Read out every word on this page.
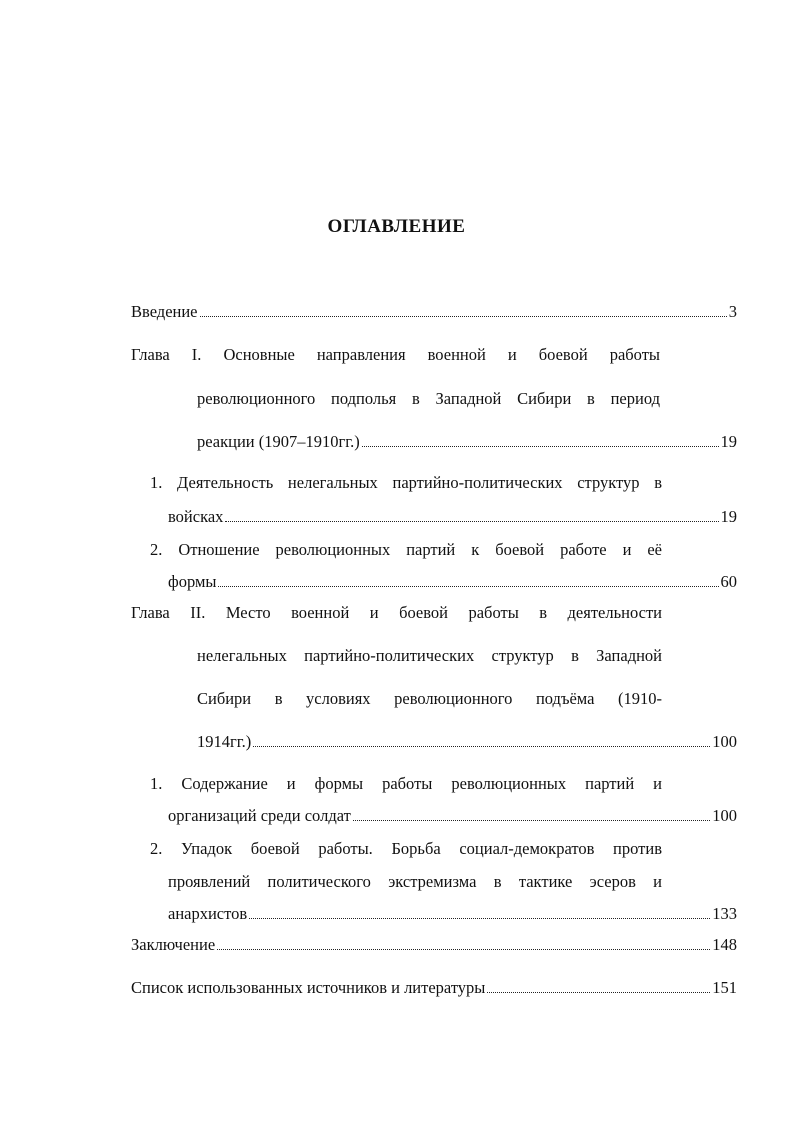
ОГЛАВЛЕНИЕ
Введение	3
Глава I. Основные направления военной и боевой работы
революционного подполья в Западной Сибири в период
реакции (1907–1910гг.)	19
1. Деятельность нелегальных партийно-политических структур в
войсках	19
2. Отношение революционных партий к боевой работе и её
формы	60
Глава II. Место военной и боевой работы в деятельности
нелегальных партийно-политических структур в Западной
Сибири в условиях революционного подъёма (1910-
1914гг.)	100
1. Содержание и формы работы революционных партий и
организаций среди солдат	100
2. Упадок боевой работы. Борьба социал-демократов против
проявлений политического экстремизма в тактике эсеров и
анархистов	133
Заключение	148
Список использованных источников и литературы	151
